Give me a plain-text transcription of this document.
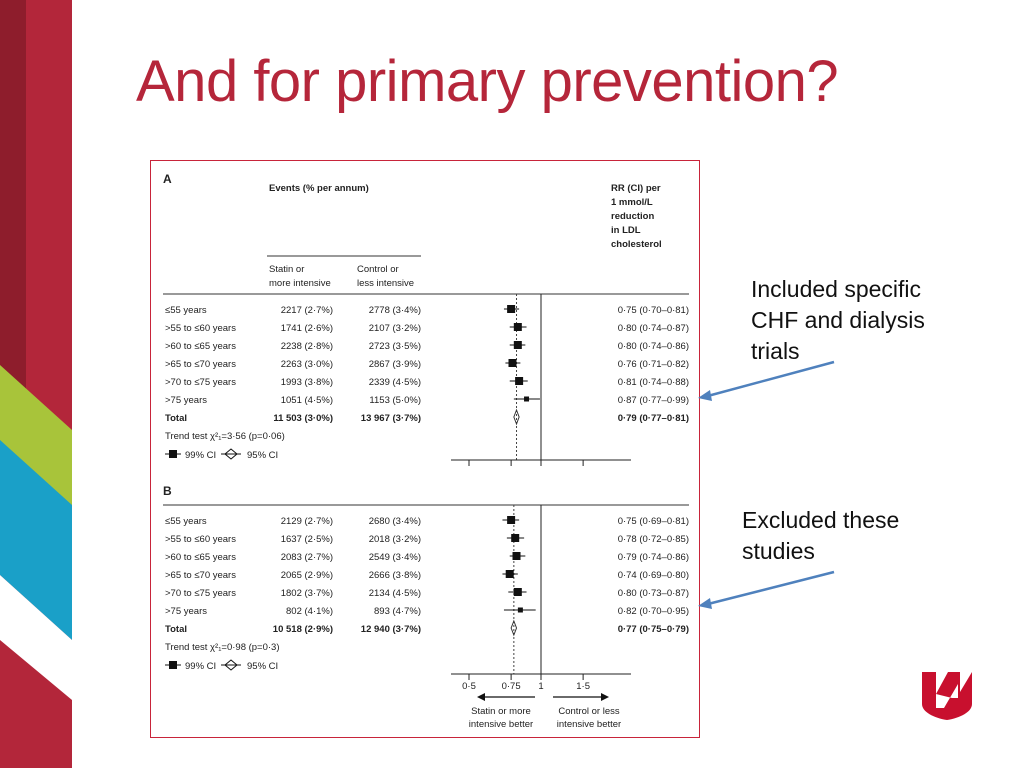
And for primary prevention?
A
Events (% per annum)	RR (CI) per
1 mmol/L
reduction
in LDL
cholesterol
Statin or
more intensive
Control or
less intensive
≤55 years	2217 (2·7%)	2778 (3·4%)	0·75 (0·70–0·81)
>55 to ≤60 years	1741 (2·6%)	2107 (3·2%)	0·80 (0·74–0·87)
>60 to ≤65 years	2238 (2·8%)	2723 (3·5%)	0·80 (0·74–0·86)
>65 to ≤70 years	2263 (3·0%)	2867 (3·9%)	0·76 (0·71–0·82)
>70 to ≤75 years	1993 (3·8%)	2339 (4·5%)	0·81 (0·74–0·88)
>75 years	1051 (4·5%)	1153 (5·0%)	0·87 (0·77–0·99)
Total	11 503 (3·0%)	13 967 (3·7%)	0·79 (0·77–0·81)
Trend test χ²₁=3·56 (p=0·06)
99% CI	95% CI
B
≤55 years	2129 (2·7%)	2680 (3·4%)	0·75 (0·69–0·81)
>55 to ≤60 years	1637 (2·5%)	2018 (3·2%)	0·78 (0·72–0·85)
>60 to ≤65 years	2083 (2·7%)	2549 (3·4%)	0·79 (0·74–0·86)
>65 to ≤70 years	2065 (2·9%)	2666 (3·8%)	0·74 (0·69–0·80)
>70 to ≤75 years	1802 (3·7%)	2134 (4·5%)	0·80 (0·73–0·87)
>75 years	802 (4·1%)	893 (4·7%)	0·82 (0·70–0·95)
Total	10 518 (2·9%)	12 940 (3·7%)	0·77 (0·75–0·79)
Trend test χ²₁=0·98 (p=0·3)
99% CI	95% CI
0·5	0·75 1	1·5
Statin or more
intensive better
Control or less
intensive better
Included specific
CHF and dialysis
trials
Excluded these
studies
